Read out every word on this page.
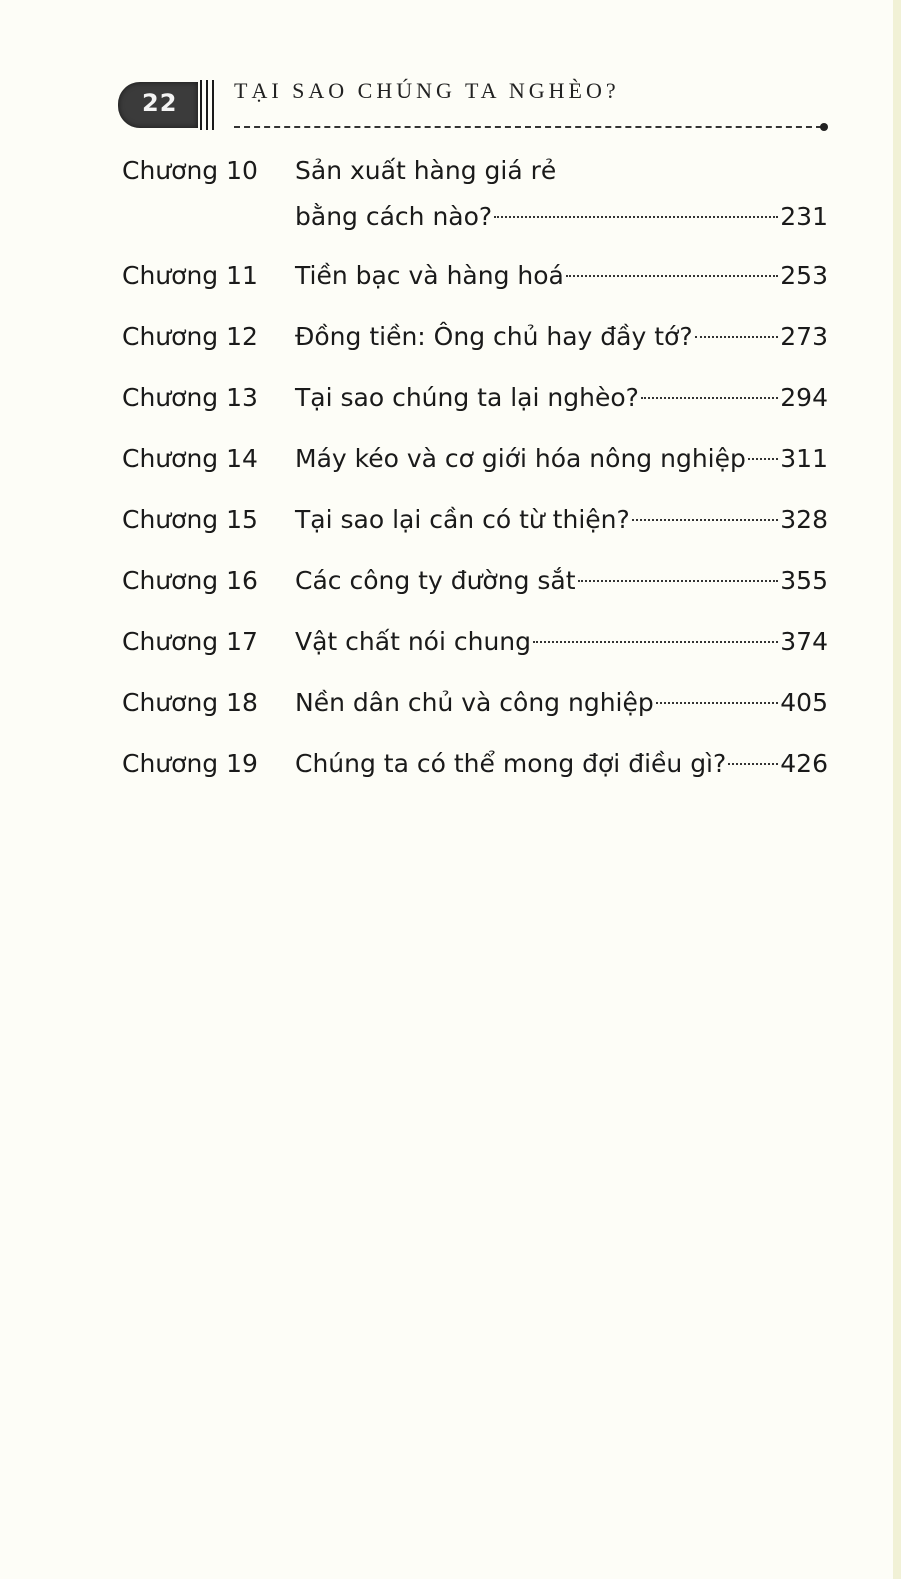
22	TẠI SAO CHÚNG TA NGHÈO?
Chương 10 Sản xuất hàng giá rẻ
bằng cách nào?	231
Chương 11 Tiền bạc và hàng hoá	253
Chương 12 Đồng tiền: Ông chủ hay đầy tớ?	273
Chương 13 Tại sao chúng ta lại nghèo?	294
Chương 14 Máy kéo và cơ giới hóa nông nghiệp 311
Chương 15 Tại sao lại cần có từ thiện?	328
Chương 16 Các công ty đường sắt	355
Chương 17 Vật chất nói chung	374
Chương 18 Nền dân chủ và công nghiệp	405
Chương 19 Chúng ta có thể mong đợi điều gì? 426
